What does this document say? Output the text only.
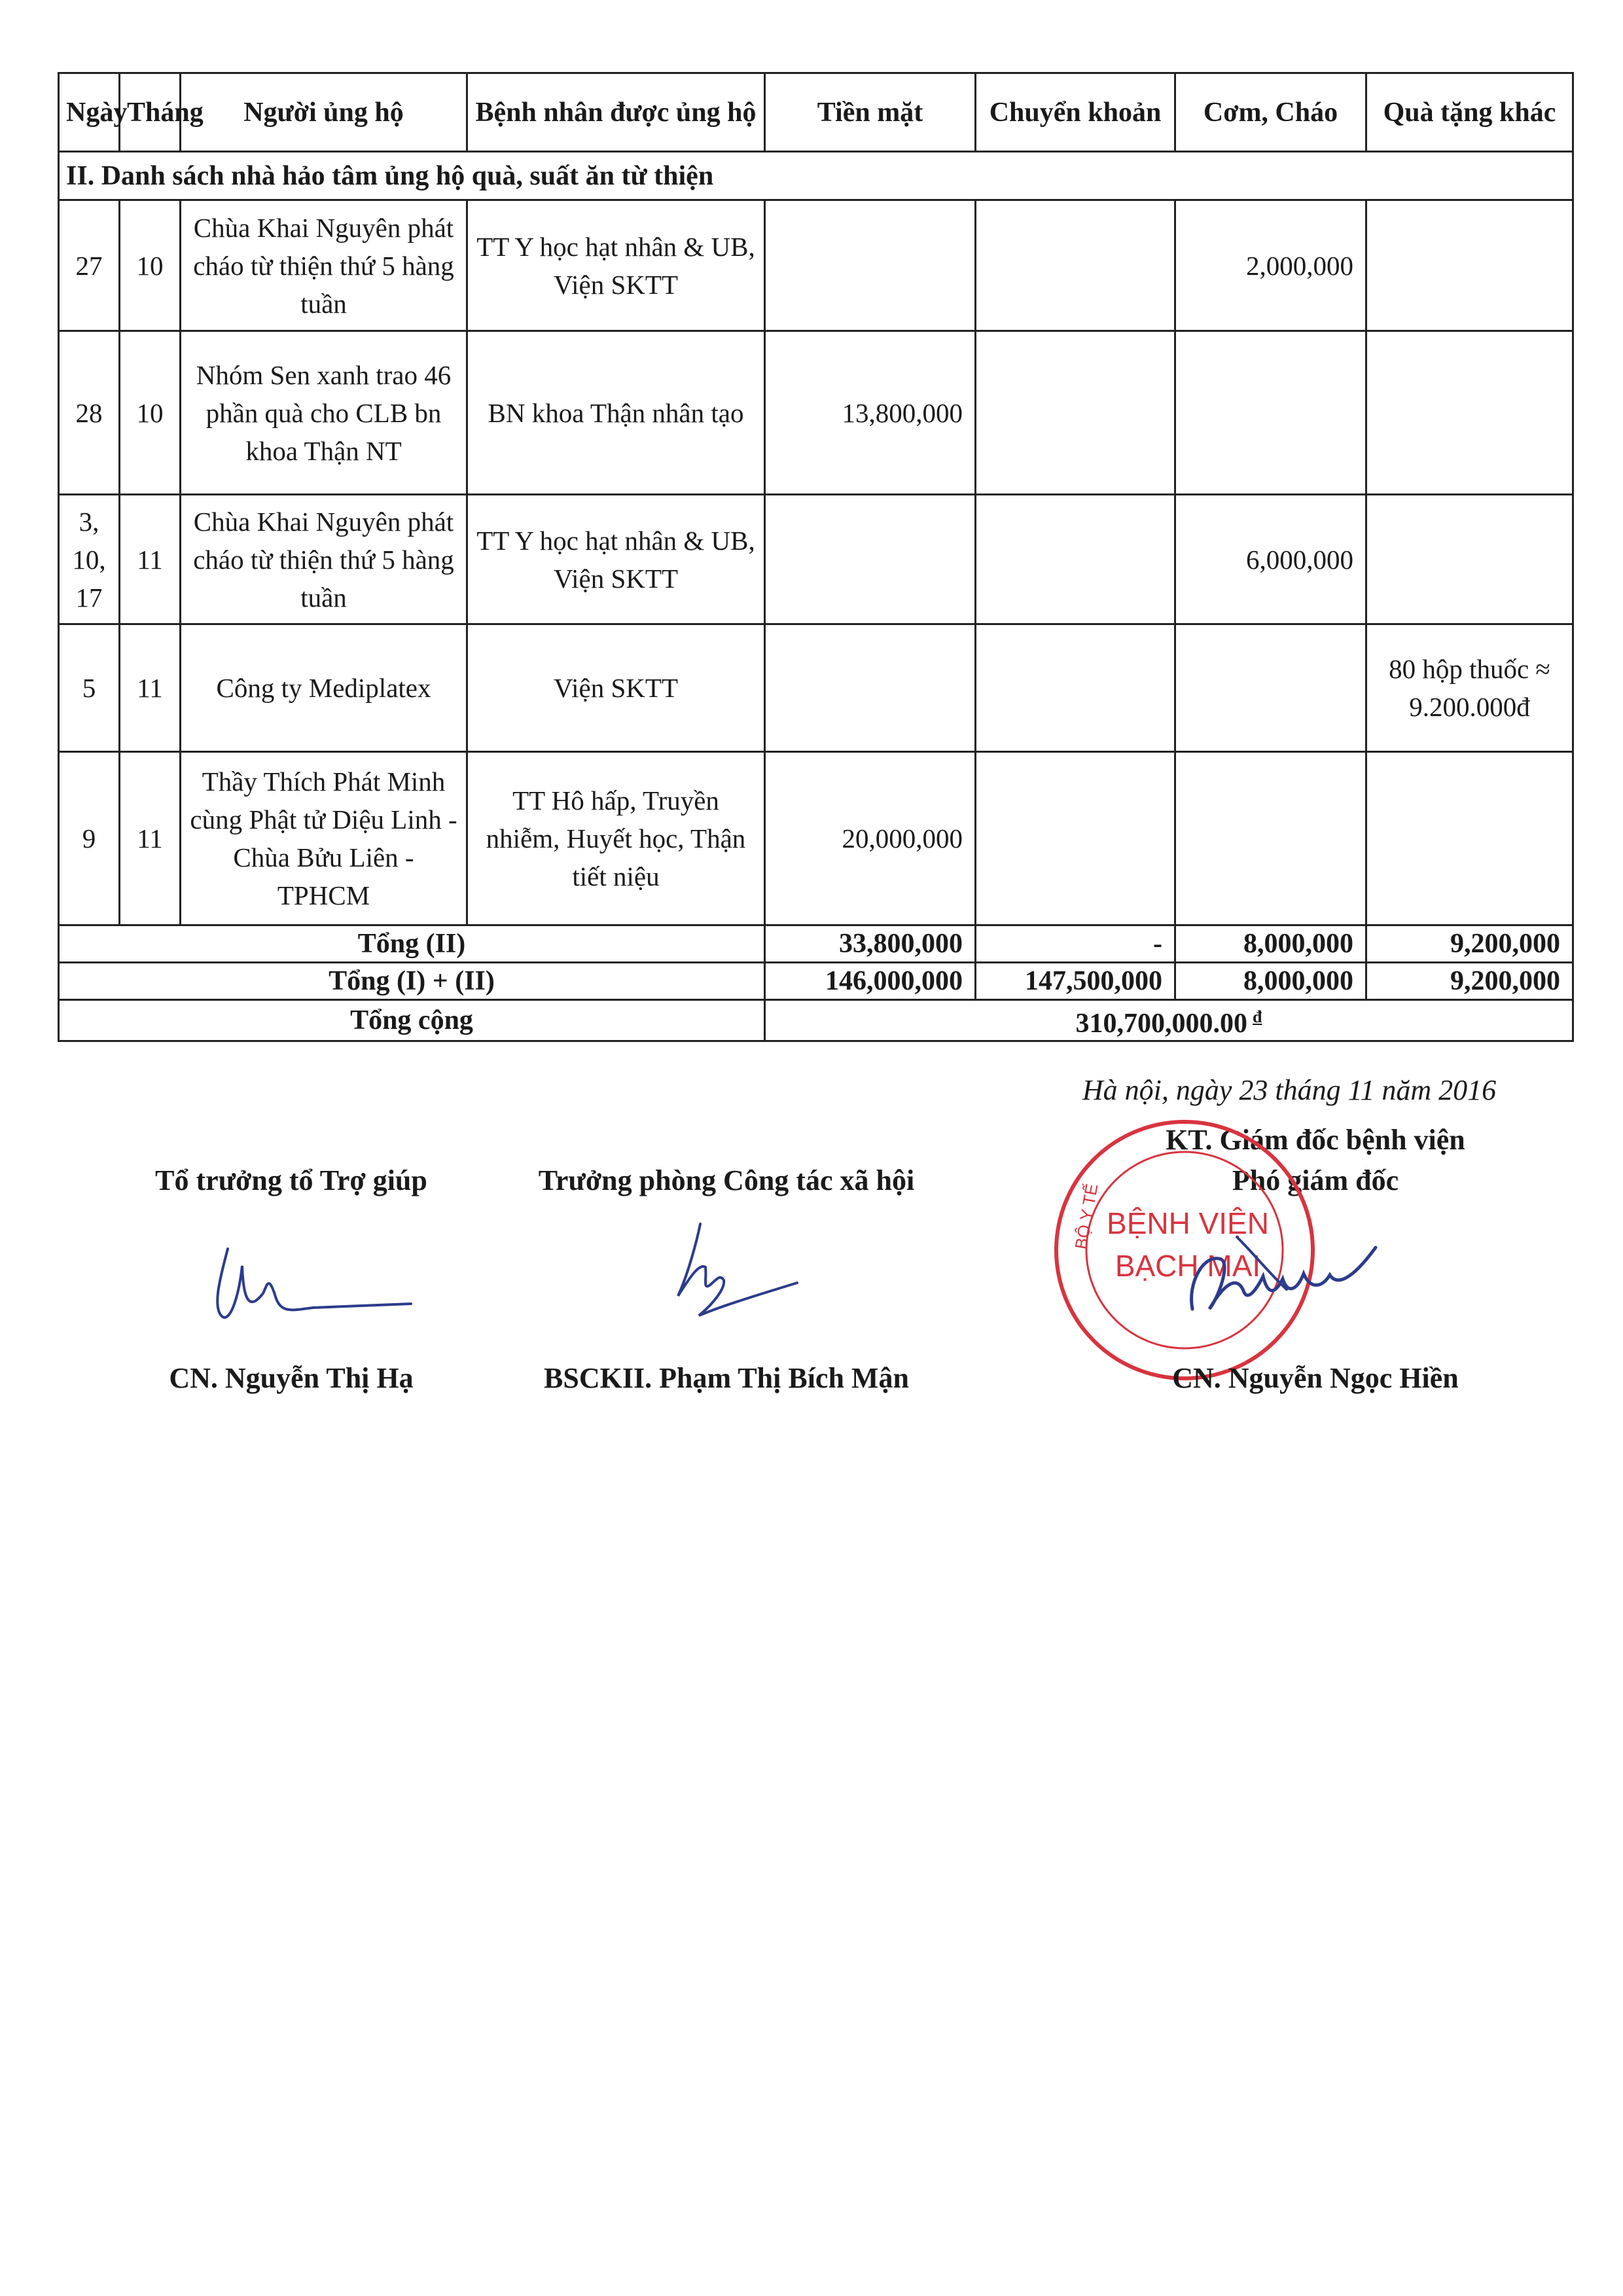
Ngày	Tháng	Người ủng hộ	Bệnh nhân được ủng hộ	Tiền mặt	Chuyển khoản	Cơm, Cháo	Quà tặng khác
II. Danh sách nhà hảo tâm ủng hộ quà, suất ăn từ thiện							
27	10	Chùa Khai Nguyên phát cháo từ thiện thứ 5 hàng tuần	TT Y học hạt nhân & UB, Viện SKTT			2,000,000	
28	10	Nhóm Sen xanh trao 46 phần quà cho CLB bn khoa Thận NT	BN khoa Thận nhân tạo	13,800,000			
3, 10, 17	11	Chùa Khai Nguyên phát cháo từ thiện thứ 5 hàng tuần	TT Y học hạt nhân & UB, Viện SKTT			6,000,000	
5	11	Công ty Mediplatex	Viện SKTT				80 hộp thuốc ≈ 9.200.000đ
9	11	Thầy Thích Phát Minh cùng Phật tử Diệu Linh - Chùa Bửu Liên - TPHCM	TT Hô hấp, Truyền nhiễm, Huyết học, Thận tiết niệu	20,000,000			
Tổng (II)				33,800,000	-	8,000,000	9,200,000
Tổng (I) + (II)				146,000,000	147,500,000	8,000,000	9,200,000
Tổng cộng				310,700,000.00 $^đ$
Hà nội, ngày 23 tháng 11 năm 2016
Tổ trưởng tổ Trợ giúp	Trưởng phòng Công tác xã hội
KT. Giám đốc bệnh viện
Phó giám đốc
BỘ Y TẾ BỆNH VIỆN
BẠCH MAI
CN. Nguyễn Thị Hạ	BSCKII. Phạm Thị Bích Mận	CN. Nguyễn Ngọc Hiền
